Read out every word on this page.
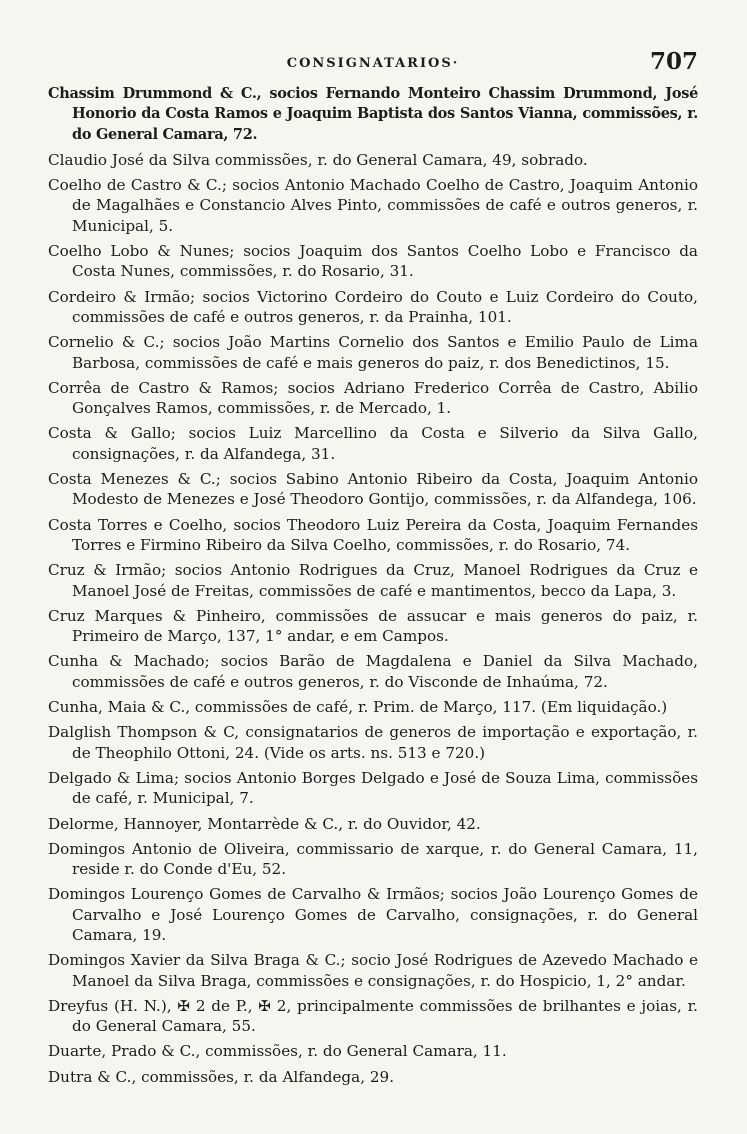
CONSIGNATARIOS·	707

Chassim Drummond & C., socios Fernando Monteiro Chassim Drummond, José Honorio da Costa Ramos e Joaquim Baptista dos Santos Vianna, commissões, r. do General Camara, 72.

Claudio José da Silva commissões, r. do General Camara, 49, sobrado.

Coelho de Castro & C.; socios Antonio Machado Coelho de Castro, Joaquim Antonio de Magalhães e Constancio Alves Pinto, commissões de café e outros generos, r. Municipal, 5.

Coelho Lobo & Nunes; socios Joaquim dos Santos Coelho Lobo e Francisco da Costa Nunes, commissões, r. do Rosario, 31.

Cordeiro & Irmão; socios Victorino Cordeiro do Couto e Luiz Cordeiro do Couto, commissões de café e outros generos, r. da Prainha, 101.

Cornelio & C.; socios João Martins Cornelio dos Santos e Emilio Paulo de Lima Barbosa, commissões de café e mais generos do paiz, r. dos Benedictinos, 15.

Corrêa de Castro & Ramos; socios Adriano Frederico Corrêa de Castro, Abilio Gonçalves Ramos, commissões, r. de Mercado, 1.

Costa & Gallo; socios Luiz Marcellino da Costa e Silverio da Silva Gallo, consignações, r. da Alfandega, 31.

Costa Menezes & C.; socios Sabino Antonio Ribeiro da Costa, Joaquim Antonio Modesto de Menezes e José Theodoro Gontijo, commissões, r. da Alfandega, 106.

Costa Torres e Coelho, socios Theodoro Luiz Pereira da Costa, Joaquim Fernandes Torres e Firmino Ribeiro da Silva Coelho, commissões, r. do Rosario, 74.

Cruz & Irmão; socios Antonio Rodrigues da Cruz, Manoel Rodrigues da Cruz e Manoel José de Freitas, commissões de café e mantimentos, becco da Lapa, 3.

Cruz Marques & Pinheiro, commissões de assucar e mais generos do paiz, r. Primeiro de Março, 137, 1° andar, e em Campos.

Cunha & Machado; socios Barão de Magdalena e Daniel da Silva Machado, commissões de café e outros generos, r. do Visconde de Inhaúma, 72.

Cunha, Maia & C., commissões de café, r. Prim. de Março, 117. (Em liquidação.)

Dalglish Thompson & C, consignatarios de generos de importação e exportação, r. de Theophilo Ottoni, 24. (Vide os arts. ns. 513 e 720.)

Delgado & Lima; socios Antonio Borges Delgado e José de Souza Lima, commissões de café, r. Municipal, 7.

Delorme, Hannoyer, Montarrède & C., r. do Ouvidor, 42.

Domingos Antonio de Oliveira, commissario de xarque, r. do General Camara, 11, reside r. do Conde d'Eu, 52.

Domingos Lourenço Gomes de Carvalho & Irmãos; socios João Lourenço Gomes de Carvalho e José Lourenço Gomes de Carvalho, consignações, r. do General Camara, 19.

Domingos Xavier da Silva Braga & C.; socio José Rodrigues de Azevedo Machado e Manoel da Silva Braga, commissões e consignações, r. do Hospicio, 1, 2° andar.

Dreyfus (H. N.), ✠ 2 de P., ✠ 2, principalmente commissões de brilhantes e joias, r. do General Camara, 55.

Duarte, Prado & C., commissões, r. do General Camara, 11.

Dutra & C., commissões, r. da Alfandega, 29.
